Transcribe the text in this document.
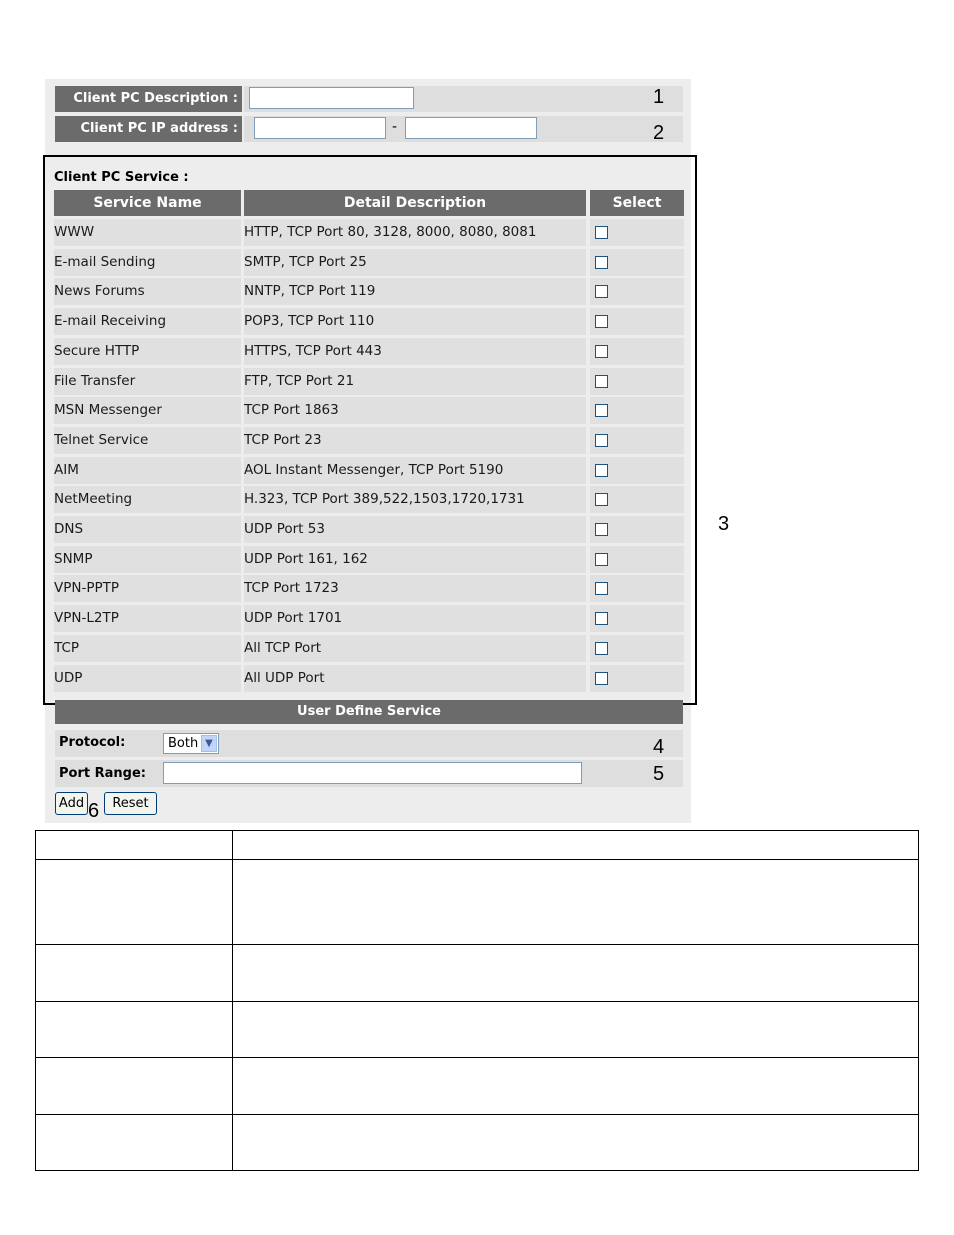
Client PC Description :	1
Client PC IP address :	-	2
Client PC Service :
Service Name	Detail Description	Select
WWW	HTTP, TCP Port 80, 3128, 8000, 8080, 8081
E-mail Sending	SMTP, TCP Port 25
News Forums	NNTP, TCP Port 119
E-mail Receiving	POP3, TCP Port 110
Secure HTTP	HTTPS, TCP Port 443
File Transfer	FTP, TCP Port 21
MSN Messenger	TCP Port 1863
Telnet Service	TCP Port 23
AIM	AOL Instant Messenger, TCP Port 5190
NetMeeting	H.323, TCP Port 389,522,1503,1720,1731
DNS	UDP Port 53
SNMP	UDP Port 161, 162
VPN-PPTP	TCP Port 1723
VPN-L2TP	UDP Port 1701
TCP	All TCP Port
UDP	All UDP Port
3
User Define Service
Protocol:	Both ▼	4
Port Range:	5
Add 6	Reset
